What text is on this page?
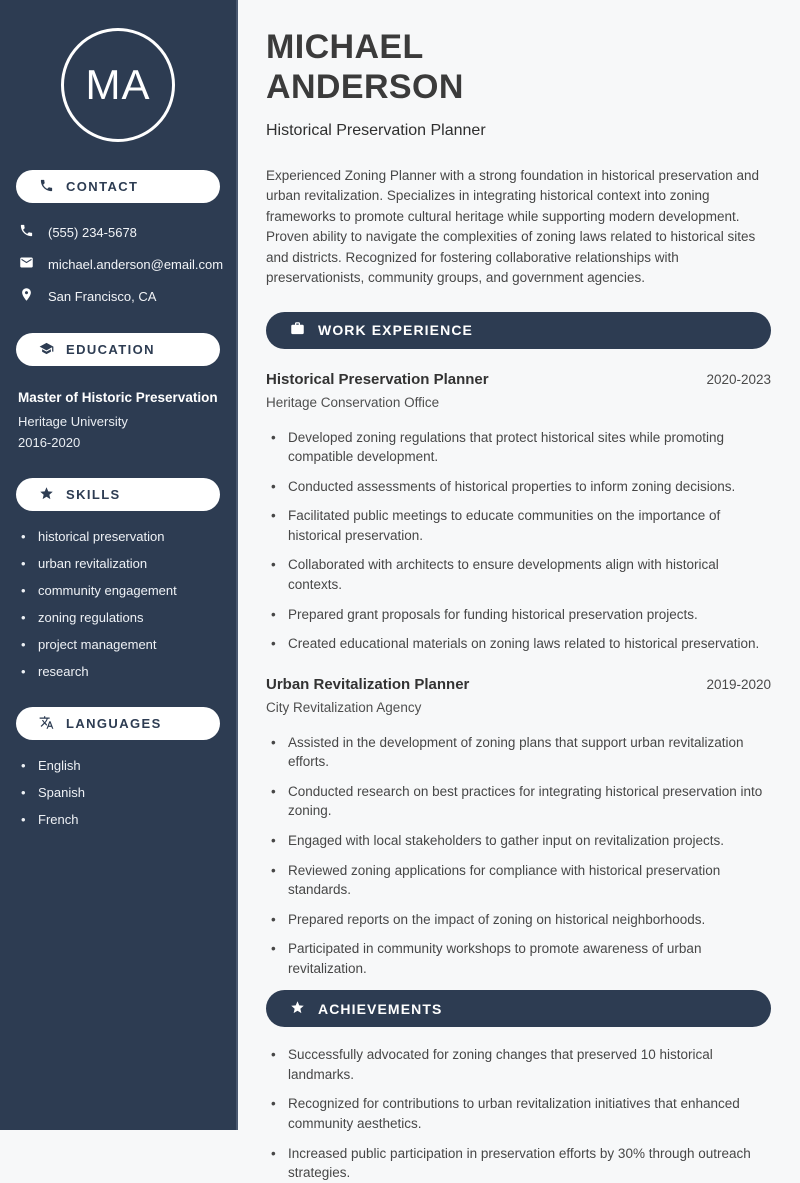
MA
CONTACT
(555) 234-5678
michael.anderson@email.com
San Francisco, CA
EDUCATION
Master of Historic Preservation
Heritage University
2016-2020
SKILLS
• historical preservation
• urban revitalization
• community engagement
• zoning regulations
• project management
• research
LANGUAGES
• English
• Spanish
• French
MICHAEL
ANDERSON
Historical Preservation Planner

Experienced Zoning Planner with a strong foundation in historical preservation and urban revitalization. Specializes in integrating historical context into zoning frameworks to promote cultural heritage while supporting modern development. Proven ability to navigate the complexities of zoning laws related to historical sites and districts. Recognized for fostering collaborative relationships with preservationists, community groups, and government agencies.

WORK EXPERIENCE
Historical Preservation Planner	2020-2023
Heritage Conservation Office
• Developed zoning regulations that protect historical sites while promoting compatible development.
• Conducted assessments of historical properties to inform zoning decisions.
• Facilitated public meetings to educate communities on the importance of historical preservation.
• Collaborated with architects to ensure developments align with historical contexts.
• Prepared grant proposals for funding historical preservation projects.
• Created educational materials on zoning laws related to historical preservation.
Urban Revitalization Planner	2019-2020
City Revitalization Agency
• Assisted in the development of zoning plans that support urban revitalization efforts.
• Conducted research on best practices for integrating historical preservation into zoning.
• Engaged with local stakeholders to gather input on revitalization projects.
• Reviewed zoning applications for compliance with historical preservation standards.
• Prepared reports on the impact of zoning on historical neighborhoods.
• Participated in community workshops to promote awareness of urban revitalization.
ACHIEVEMENTS
• Successfully advocated for zoning changes that preserved 10 historical landmarks.
• Recognized for contributions to urban revitalization initiatives that enhanced community aesthetics.
• Increased public participation in preservation efforts by 30% through outreach strategies.
